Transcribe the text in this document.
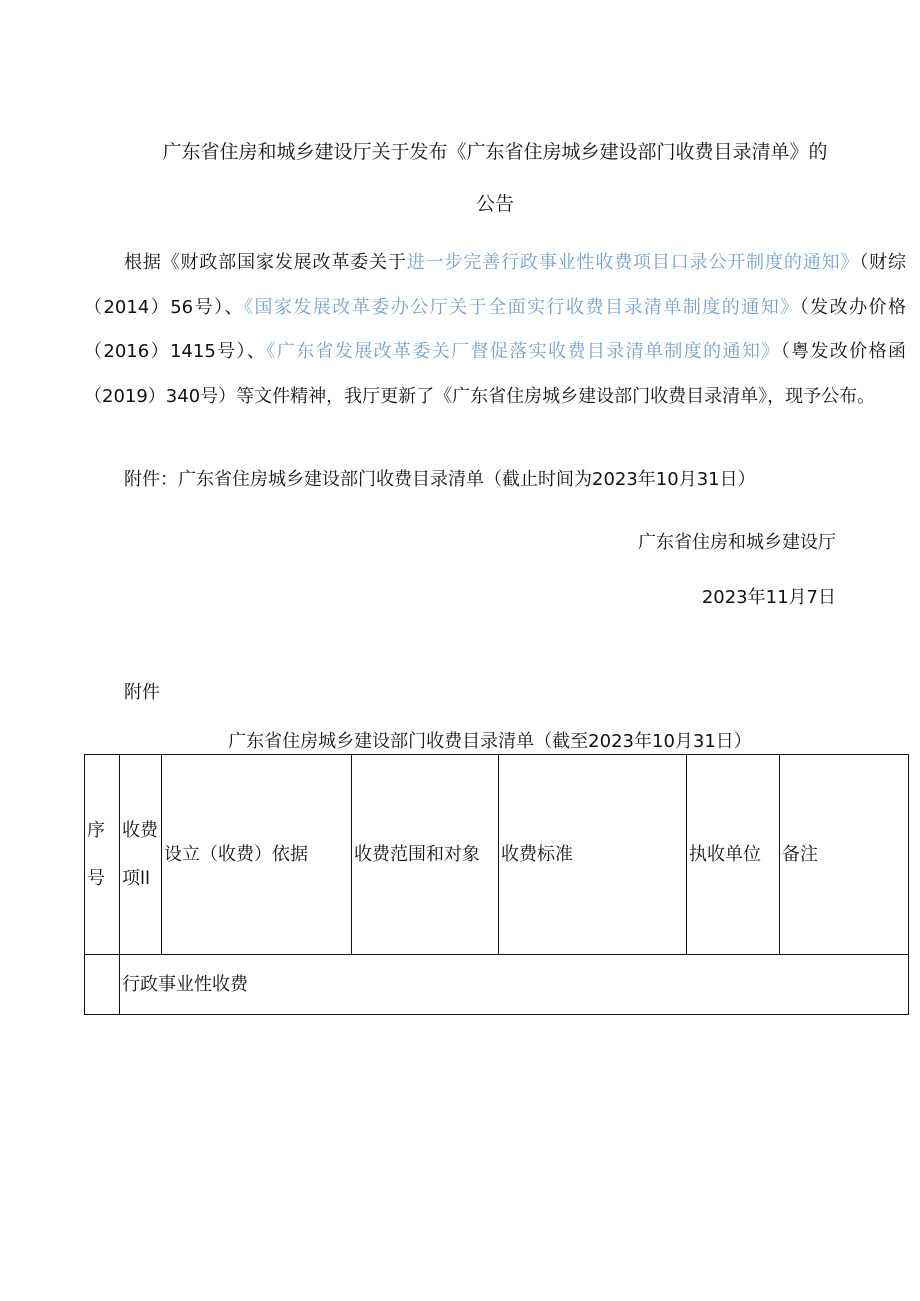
广东省住房和城乡建设厅关于发布《广东省住房城乡建设部门收费目录清单》的
公告

根据《财政部国家发展改革委关于进一步完善行政事业性收费项目口录公开制度的通知》（财综（2014）56号）、《国家发展改革委办公厅关于全面实行收费目录清单制度的通知》（发改办价格（2016）1415号）、《广东省发展改革委关厂督促落实收费目录清单制度的通知》（粤发改价格函（2019）340号）等文件精神，我厅更新了《广东省住房城乡建设部门收费目录清单》，现予公布。

附件：广东省住房城乡建设部门收费目录清单（截止时间为2023年10月31日）

广东省住房和城乡建设厅
2023年11月7日
附件
广东省住房城乡建设部门收费目录清单（截至2023年10月31日）
序号	收费项ll	设立（收费）依据	收费范围和对象	收费标准	执收单位	备注

	行政事业性收费					
